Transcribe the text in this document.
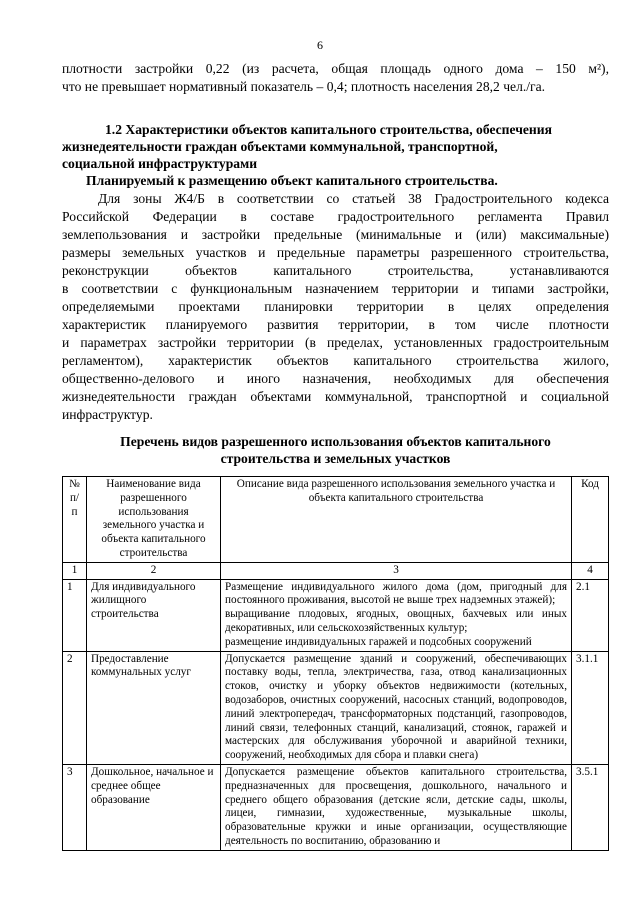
6

плотности застройки 0,22 (из расчета, общая площадь одного дома – 150 м²),
что не превышает нормативный показатель – 0,4; плотность населения 28,2 чел./га.

1.2 Характеристики объектов капитального строительства, обеспечения жизнедеятельности граждан объектами коммунальной, транспортной,
социальной инфраструктурами

Планируемый к размещению объект капитального строительства.

Для зоны Ж4/Б в соответствии со статьей 38 Градостроительного кодекса
Российской Федерации в составе градостроительного регламента Правил
землепользования и застройки предельные (минимальные и (или) максимальные)
размеры земельных участков и предельные параметры разрешенного строительства,
реконструкции объектов капитального строительства, устанавливаются
в соответствии с функциональным назначением территории и типами застройки,
определяемыми проектами планировки территории в целях определения
характеристик планируемого развития территории, в том числе плотности
и параметрах застройки территории (в пределах, установленных градостроительным
регламентом), характеристик объектов капитального строительства жилого,
общественно-делового и иного назначения, необходимых для обеспечения
жизнедеятельности граждан объектами коммунальной, транспортной и социальной
инфраструктур.

Перечень видов разрешенного использования объектов капитального
строительства и земельных участков

№ п/п	Наименование вида разрешенного использования земельного участка и объекта капитального строительства	Описание вида разрешенного использования земельного участка и объекта капитального строительства	Код
1	2	3	4
1	Для индивидуального жилищного строительства	Размещение индивидуального жилого дома (дом, пригодный для постоянного проживания, высотой не выше трех надземных этажей);
выращивание плодовых, ягодных, овощных, бахчевых или иных декоративных, или сельскохозяйственных культур;
размещение индивидуальных гаражей и подсобных сооружений	2.1
2	Предоставление коммунальных услуг	Допускается размещение зданий и сооружений, обеспечивающих поставку воды, тепла, электричества, газа, отвод канализационных стоков, очистку и уборку объектов недвижимости (котельных, водозаборов, очистных сооружений, насосных станций, водопроводов, линий электропередач, трансформаторных подстанций, газопроводов, линий связи, телефонных станций, канализаций, стоянок, гаражей и мастерских для обслуживания уборочной и аварийной техники, сооружений, необходимых для сбора и плавки снега)	3.1.1
3	Дошкольное, начальное и среднее общее образование	Допускается размещение объектов капитального строительства, предназначенных для просвещения, дошкольного, начального и среднего общего образования (детские ясли, детские сады, школы, лицеи, гимназии, художественные, музыкальные школы, образовательные кружки и иные организации, осуществляющие деятельность по воспитанию, образованию и	3.5.1
